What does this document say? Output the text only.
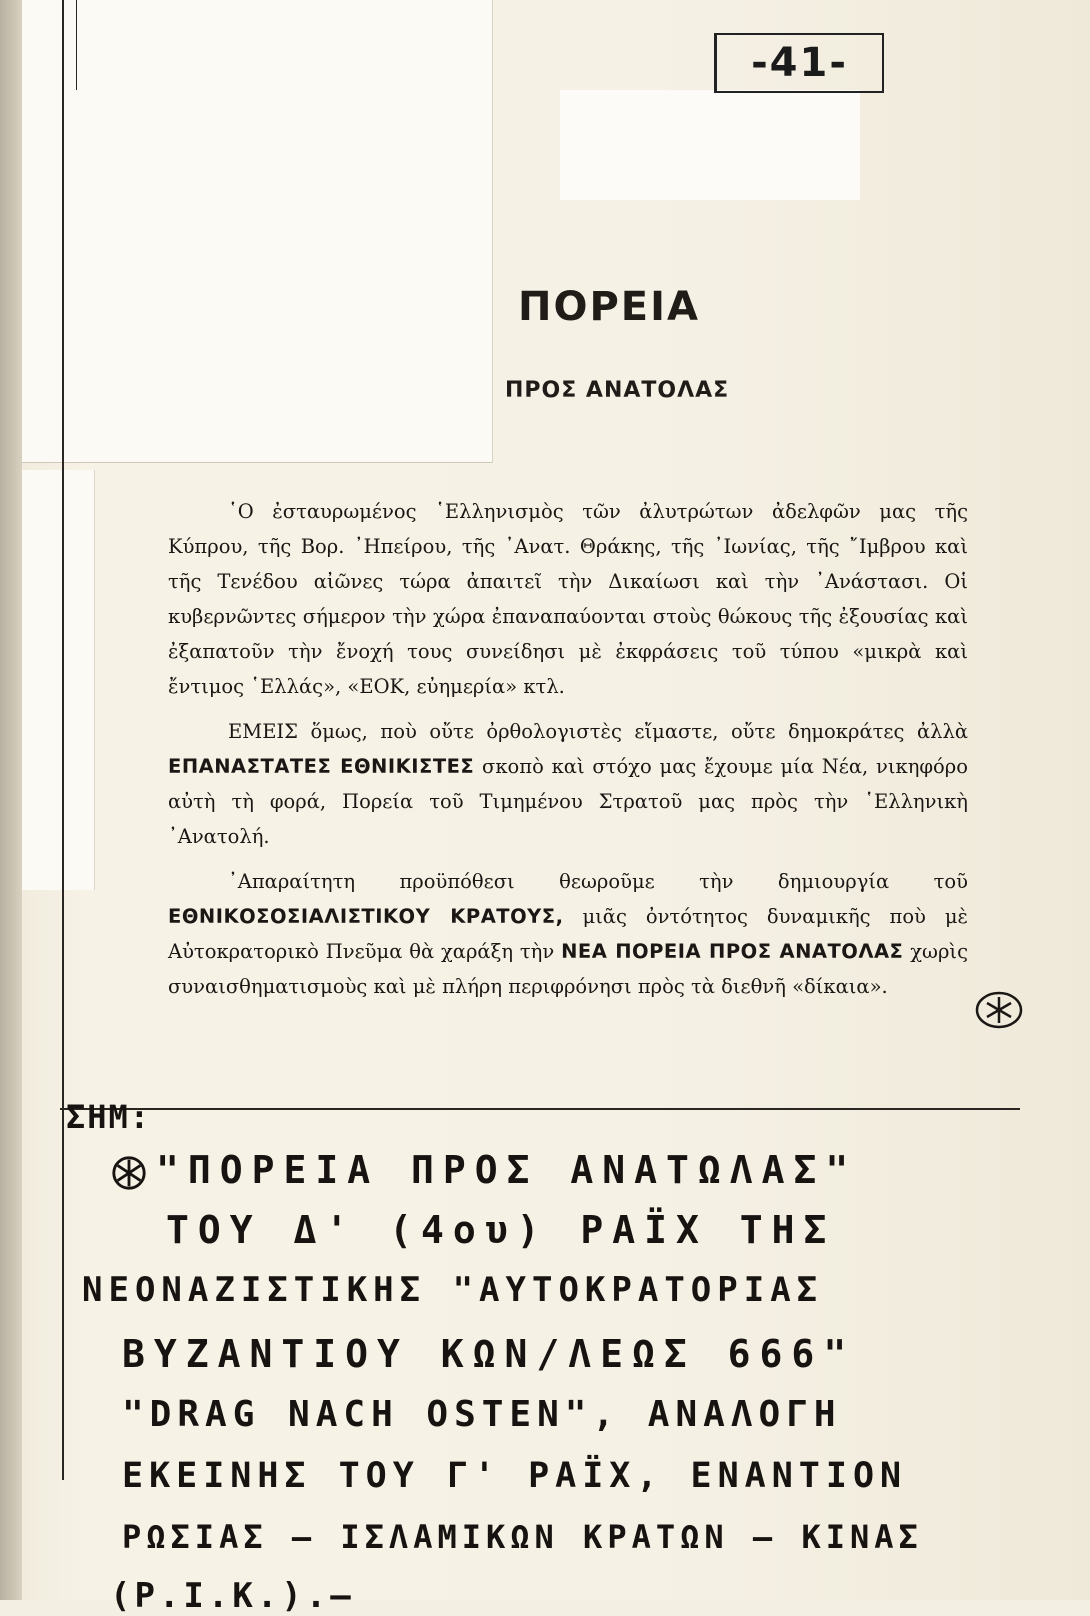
-41-
ΠΟΡΕΙΑ
ΠΡΟΣ ΑΝΑΤΟΛΑΣ

῾Ο ἐσταυρωμένος ῾Ελληνισμὸς τῶν ἀλυτρώτων ἀδελφῶν μας τῆς Κύπρου, τῆς Βορ. ᾿Ηπείρου, τῆς ᾿Ανατ. Θράκης, τῆς ᾿Ιωνίας, τῆς ῎Ιμβρου καὶ τῆς Τενέδου αἰῶνες τώρα ἀπαιτεῖ τὴν Δικαίωσι καὶ τὴν ᾿Ανάστασι. Οἱ κυβερνῶντες σήμερον τὴν χώρα ἐπαναπαύονται στοὺς θώκους τῆς ἐξουσίας καὶ ἐξαπατοῦν τὴν ἔνοχή τους συνείδησι μὲ ἐκφράσεις τοῦ τύπου «μικρὰ καὶ ἔντιμος ῾Ελλάς», «ΕΟΚ, εὐημερία» κτλ.

ΕΜΕΙΣ ὅμως, ποὺ οὔτε ὀρθολογιστὲς εἴμαστε, οὔτε δημοκράτες ἀλλὰ ΕΠΑΝΑΣΤΑΤΕΣ ΕΘΝΙΚΙΣΤΕΣ σκοπὸ καὶ στόχο μας ἔχουμε μία Νέα, νικηφόρο αὐτὴ τὴ φορά, Πορεία τοῦ Τιμημένου Στρατοῦ μας πρὸς τὴν ῾Ελληνικὴ ᾿Ανατολή.

᾿Απαραίτητη προϋπόθεσι θεωροῦμε τὴν δημιουργία τοῦ ΕΘΝΙΚΟΣΟΣΙΑΛΙΣΤΙΚΟΥ ΚΡΑΤΟΥΣ, μιᾶς ὀντότητος δυναμικῆς ποὺ μὲ Αὐτοκρατορικὸ Πνεῦμα θὰ χαράξη τὴν ΝΕΑ ΠΟΡΕΙΑ ΠΡΟΣ ΑΝΑΤΟΛΑΣ χωρὶς συναισθηματισμοὺς καὶ μὲ πλήρη περιφρόνησι πρὸς τὰ διεθνῆ «δίκαια».

ΣΗΜ:
"ΠΟΡΕΙΑ ΠΡΟΣ ΑΝΑΤΩΛΑΣ"
ΤΟΥ Δ' (4ου) ΡΑΪΧ ΤΗΣ
ΝΕΟΝΑΖΙΣΤΙΚΗΣ "ΑΥΤΟΚΡΑΤΟΡΙΑΣ
ΒΥΖΑΝΤΙΟΥ ΚΩΝ/ΛΕΩΣ 666"
"DRAG NACH OSTEN", ΑΝΑΛΟΓΗ
ΕΚΕΙΝΗΣ ΤΟΥ Γ' ΡΑΪΧ, ΕΝΑΝΤΙΟΝ
ΡΩΣΙΑΣ — ΙΣΛΑΜΙΚΩΝ ΚΡΑΤΩΝ — ΚΙΝΑΣ
(Ρ.Ι.Κ.).—
